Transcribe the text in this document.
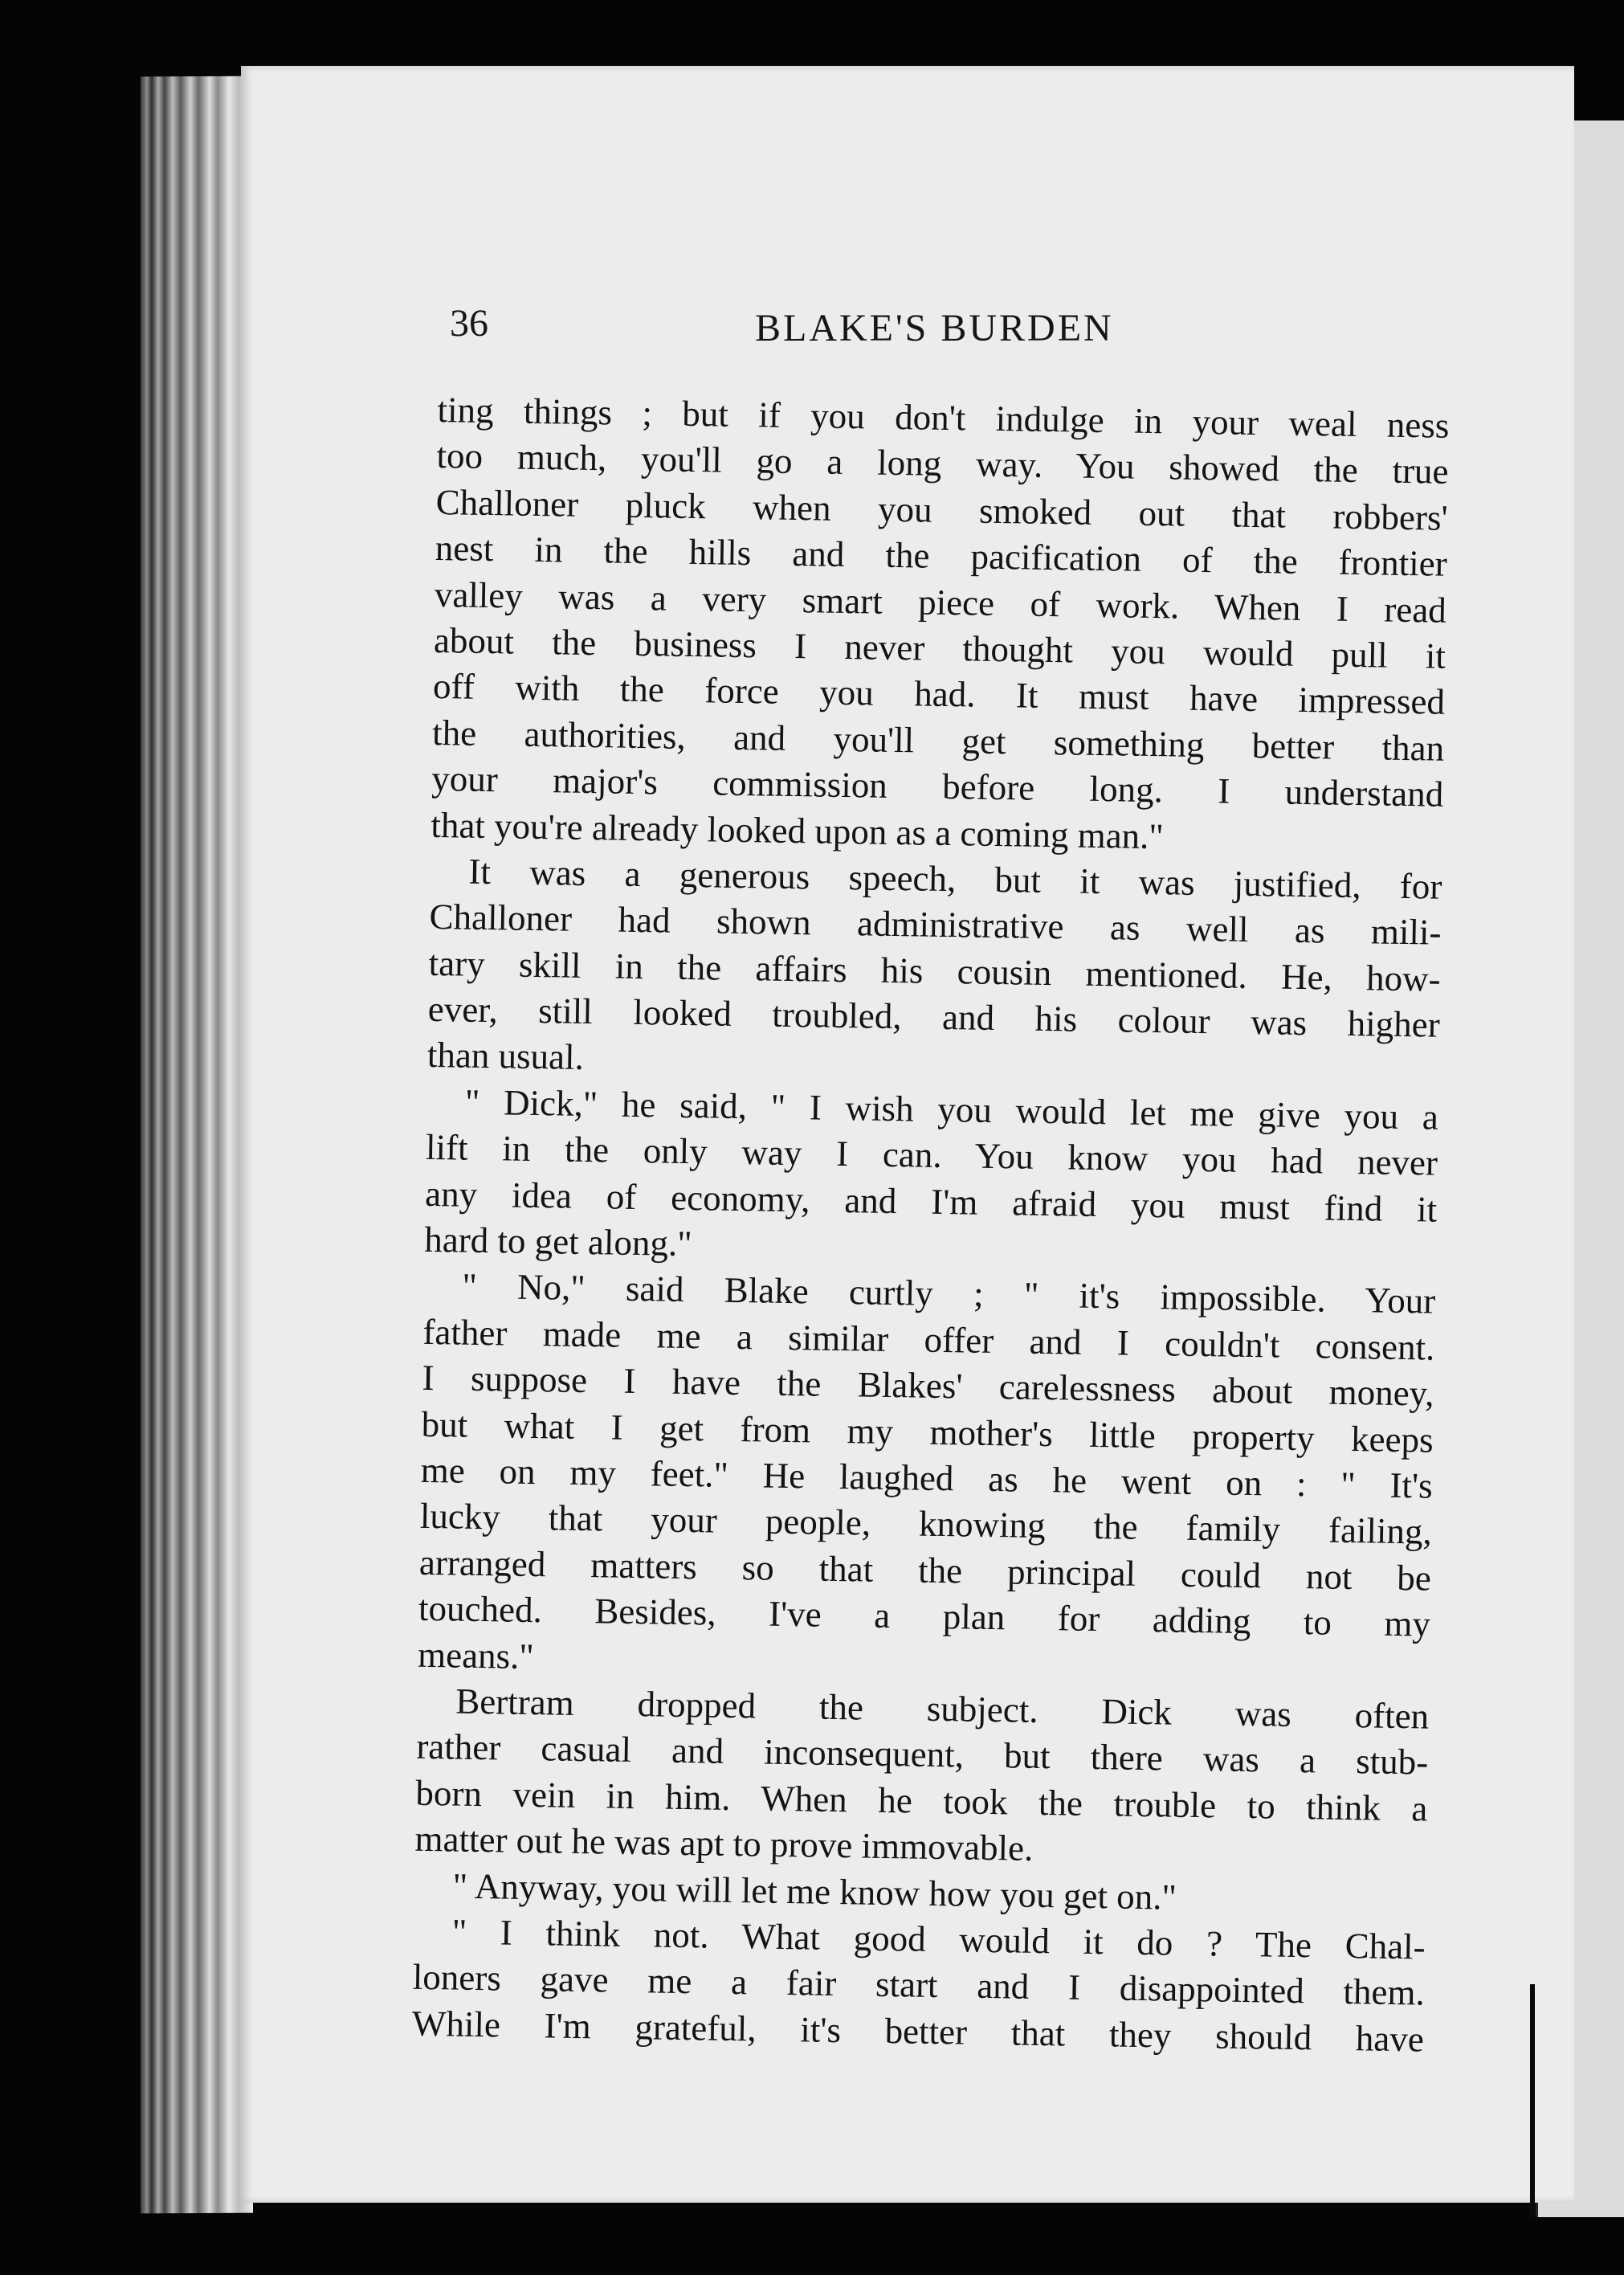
36	BLAKE'S BURDEN
ting things ; but if you don't indulge in your weal ness
too much, you'll go a long way. You showed the true
Challoner pluck when you smoked out that robbers'
nest in the hills and the pacification of the frontier
valley was a very smart piece of work. When I read
about the business I never thought you would pull it
off with the force you had. It must have impressed
the authorities, and you'll get something better than
your major's commission before long. I understand
that you're already looked upon as a coming man."
It was a generous speech, but it was justified, for
Challoner had shown administrative as well as mili-
tary skill in the affairs his cousin mentioned. He, how-
ever, still looked troubled, and his colour was higher
than usual.
" Dick," he said, " I wish you would let me give you a
lift in the only way I can. You know you had never
any idea of economy, and I'm afraid you must find it
hard to get along."
" No," said Blake curtly ; " it's impossible. Your
father made me a similar offer and I couldn't consent.
I suppose I have the Blakes' carelessness about money,
but what I get from my mother's little property keeps
me on my feet." He laughed as he went on : " It's
lucky that your people, knowing the family failing,
arranged matters so that the principal could not be
touched. Besides, I've a plan for adding to my
means."
Bertram dropped the subject. Dick was often
rather casual and inconsequent, but there was a stub-
born vein in him. When he took the trouble to think a
matter out he was apt to prove immovable.
" Anyway, you will let me know how you get on."
" I think not. What good would it do ? The Chal-
loners gave me a fair start and I disappointed them.
While I'm grateful, it's better that they should have
